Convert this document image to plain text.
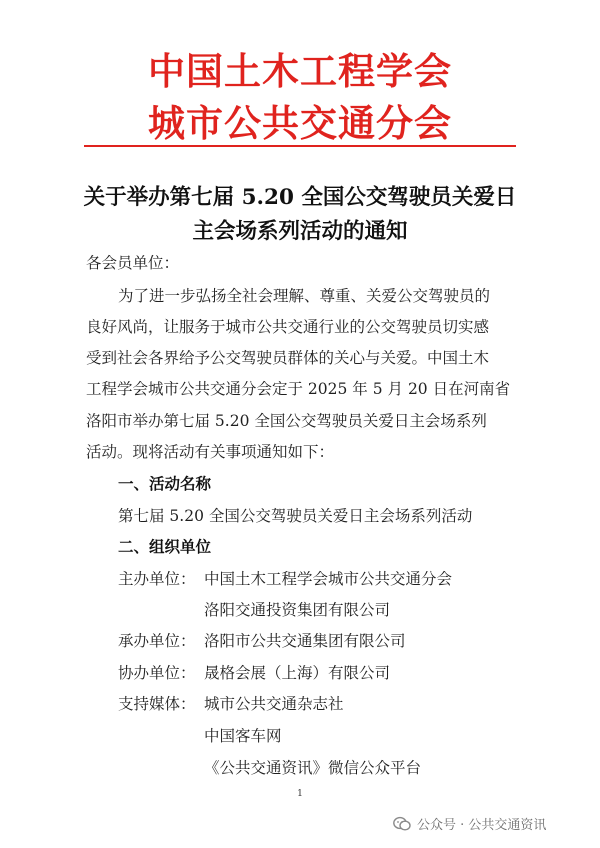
中国土木工程学会
城市公共交通分会
关于举办第七届 5.20 全国公交驾驶员关爱日
主会场系列活动的通知
各会员单位：
为了进一步弘扬全社会理解、尊重、关爱公交驾驶员的
良好风尚，让服务于城市公共交通行业的公交驾驶员切实感
受到社会各界给予公交驾驶员群体的关心与关爱。中国土木
工程学会城市公共交通分会定于 2025 年 5 月 20 日在河南省
洛阳市举办第七届 5.20 全国公交驾驶员关爱日主会场系列
活动。现将活动有关事项通知如下：
一、活动名称
第七届 5.20 全国公交驾驶员关爱日主会场系列活动
二、组织单位
主办单位： 中国土木工程学会城市公共交通分会
洛阳交通投资集团有限公司
承办单位： 洛阳市公共交通集团有限公司
协办单位： 晟格会展（上海）有限公司
支持媒体： 城市公共交通杂志社
中国客车网
《公共交通资讯》微信公众平台
1
公众号 · 公共交通资讯
